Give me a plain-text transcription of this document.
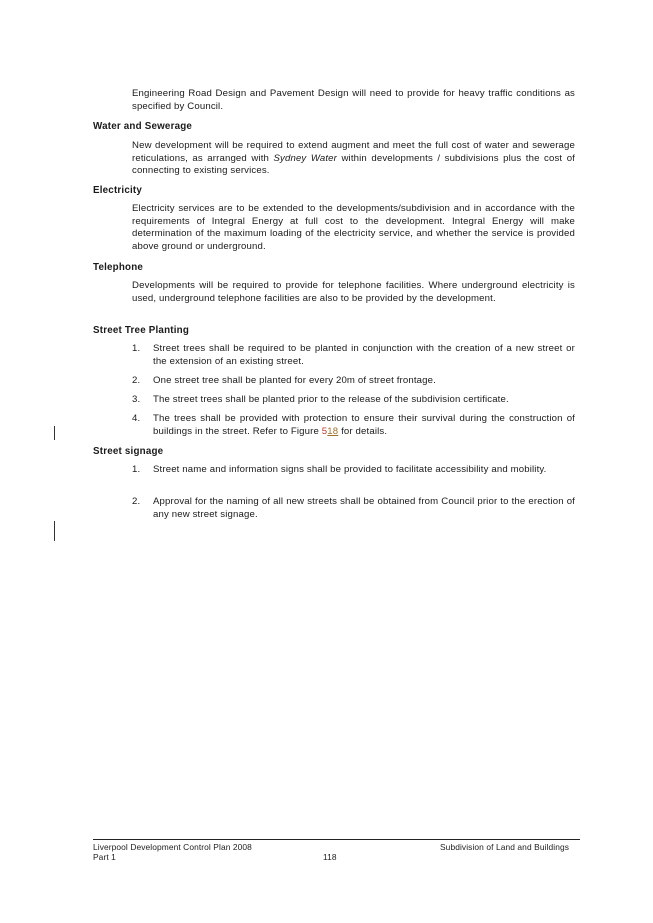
Engineering Road Design and Pavement Design will need to provide for heavy traffic conditions as specified by Council.
Water and Sewerage
New development will be required to extend augment and meet the full cost of water and sewerage reticulations, as arranged with Sydney Water within developments / subdivisions plus the cost of connecting to existing services.
Electricity
Electricity services are to be extended to the developments/subdivision and in accordance with the requirements of Integral Energy at full cost to the development. Integral Energy will make determination of the maximum loading of the electricity service, and whether the service is provided above ground or underground.
Telephone
Developments will be required to provide for telephone facilities. Where underground electricity is used, underground telephone facilities are also to be provided by the development.
Street Tree Planting
1.	Street trees shall be required to be planted in conjunction with the creation of a new street or the extension of an existing street.
2.	One street tree shall be planted for every 20m of street frontage.
3.	The street trees shall be planted prior to the release of the subdivision certificate.
4.	The trees shall be provided with protection to ensure their survival during the construction of buildings in the street. Refer to Figure 518 for details.
Street signage
1.	Street name and information signs shall be provided to facilitate accessibility and mobility.
2.	Approval for the naming of all new streets shall be obtained from Council prior to the erection of any new street signage.
Liverpool Development Control Plan 2008
Part 1	118
Subdivision of Land and Buildings
